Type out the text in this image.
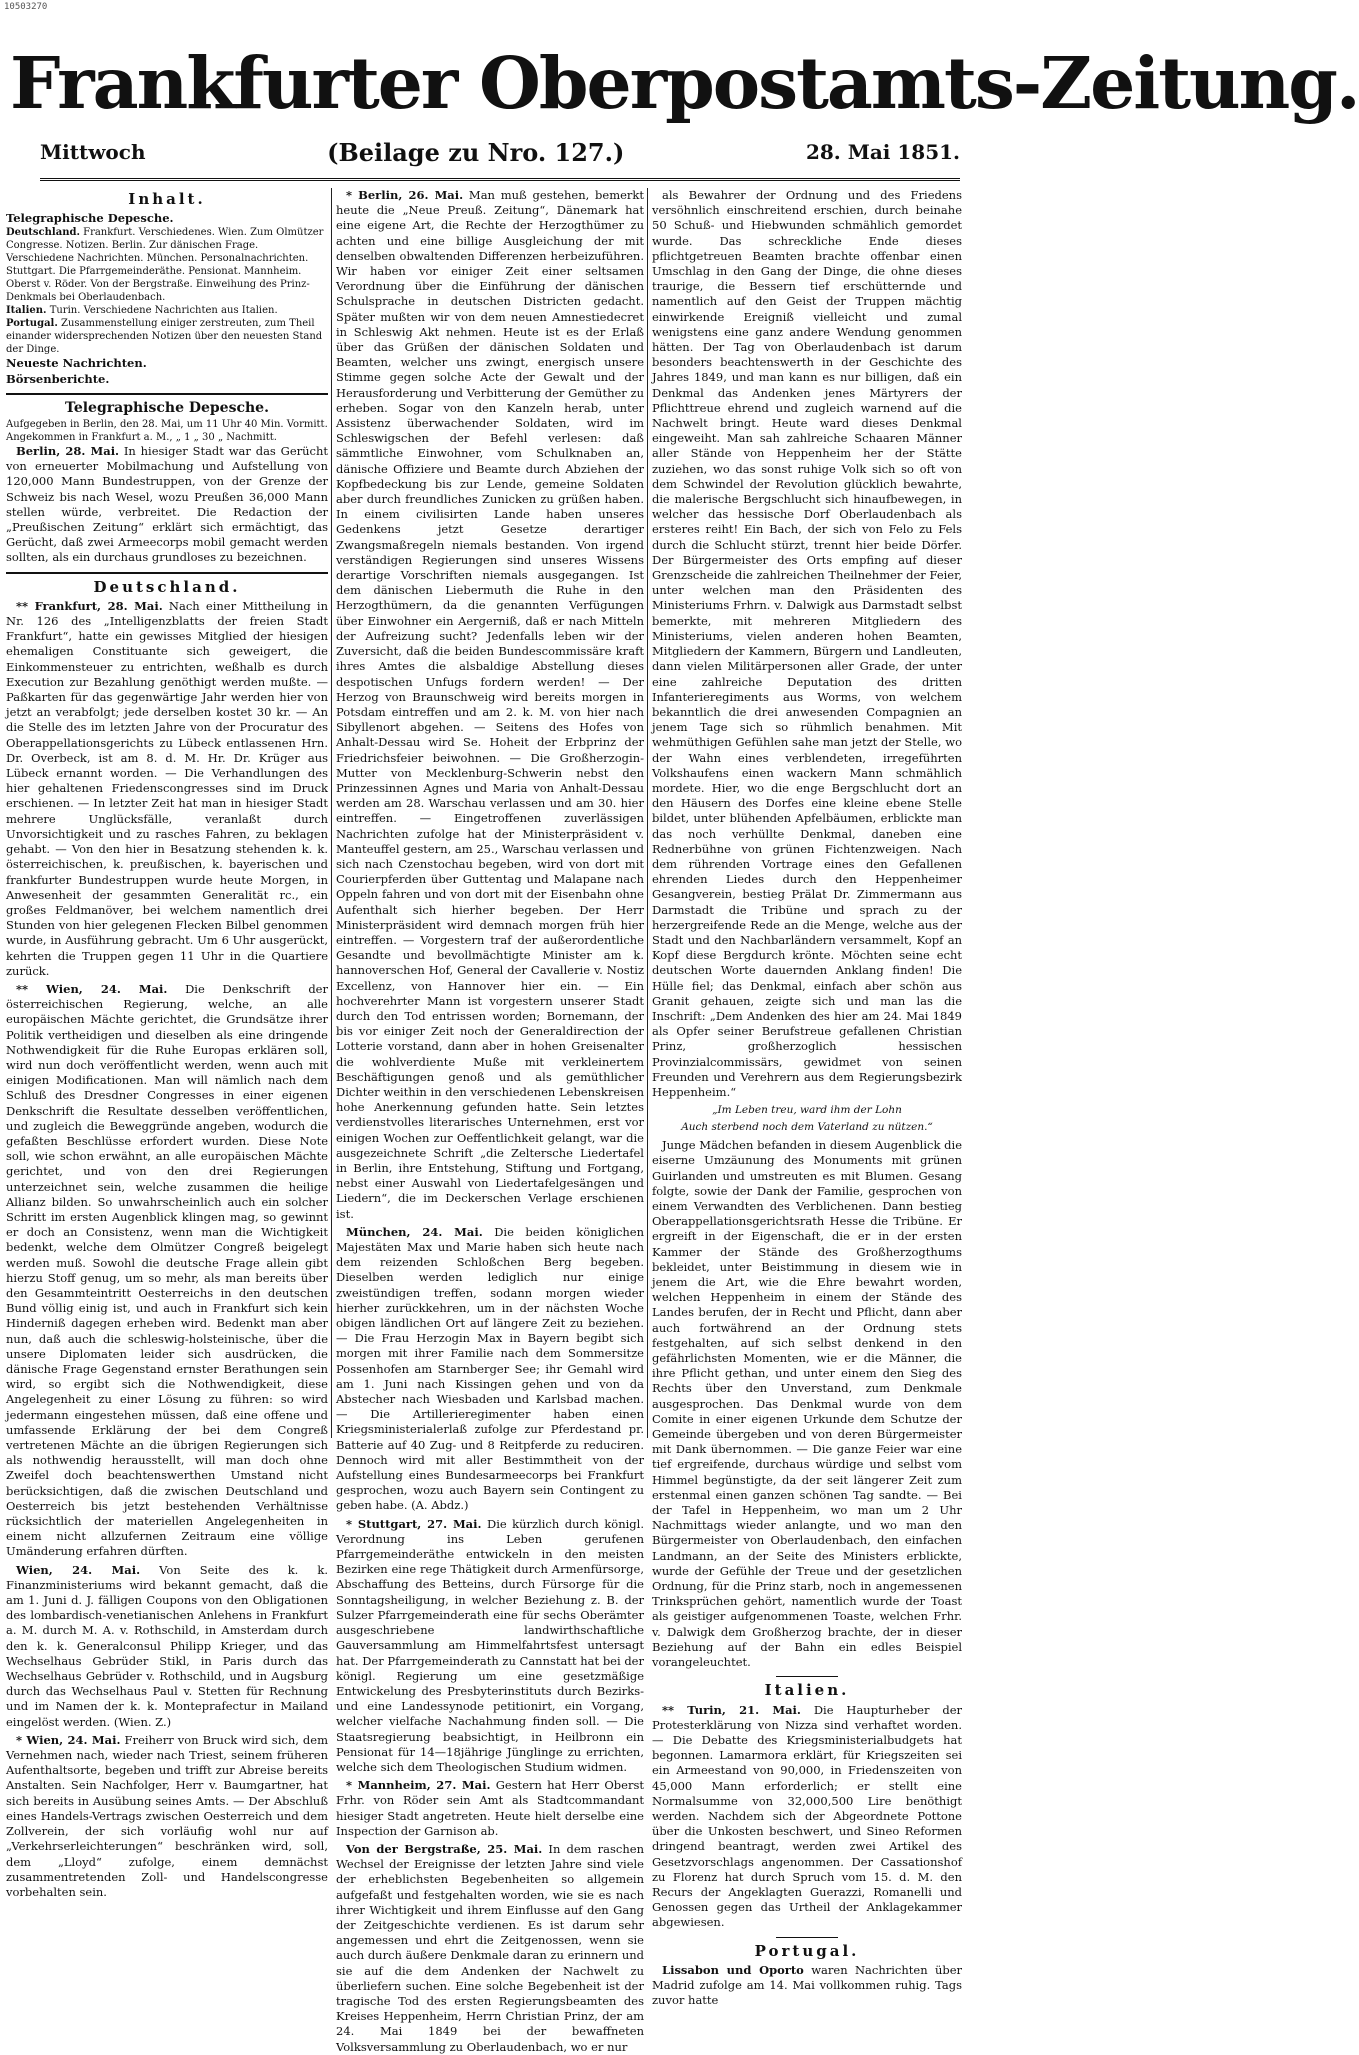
10503270
Frankfurter Oberpostamts-Zeitung.
Mittwoch	(Beilage zu Nro. 127.)	28. Mai 1851.
Inhalt.

Telegraphische Depesche.

Deutschland. Frankfurt. Verschiedenes. Wien. Zum Olmützer Congresse. Notizen. Berlin. Zur dänischen Frage. Verschiedene Nachrichten. München. Personalnachrichten. Stuttgart. Die Pfarrgemeinderäthe. Pensionat. Mannheim. Oberst v. Röder. Von der Bergstraße. Einweihung des Prinz-Denkmals bei Oberlaudenbach.

Italien. Turin. Verschiedene Nachrichten aus Italien.

Portugal. Zusammenstellung einiger zerstreuten, zum Theil einander widersprechenden Notizen über den neuesten Stand der Dinge.

Neueste Nachrichten.

Börsenberichte.

Telegraphische Depesche.
Aufgegeben in Berlin, den 28. Mai, um 11 Uhr 40 Min. Vormitt. Angekommen in Frankfurt a. M., „ 1 „ 30 „ Nachmitt.

Berlin, 28. Mai. In hiesiger Stadt war das Gerücht von erneuerter Mobilmachung und Aufstellung von 120,000 Mann Bundestruppen, von der Grenze der Schweiz bis nach Wesel, wozu Preußen 36,000 Mann stellen würde, verbreitet. Die Redaction der „Preußischen Zeitung“ erklärt sich ermächtigt, das Gerücht, daß zwei Armeecorps mobil gemacht werden sollten, als ein durchaus grundloses zu bezeichnen.

Deutschland.

** Frankfurt, 28. Mai. Nach einer Mittheilung in Nr. 126 des „Intelligenzblatts der freien Stadt Frankfurt“, hatte ein gewisses Mitglied der hiesigen ehemaligen Constituante sich geweigert, die Einkommensteuer zu entrichten, weßhalb es durch Execution zur Bezahlung genöthigt werden mußte. — Paßkarten für das gegenwärtige Jahr werden hier von jetzt an verabfolgt; jede derselben kostet 30 kr. — An die Stelle des im letzten Jahre von der Procuratur des Oberappellationsgerichts zu Lübeck entlassenen Hrn. Dr. Overbeck, ist am 8. d. M. Hr. Dr. Krüger aus Lübeck ernannt worden. — Die Verhandlungen des hier gehaltenen Friedenscongresses sind im Druck erschienen. — In letzter Zeit hat man in hiesiger Stadt mehrere Unglücksfälle, veranlaßt durch Unvorsichtigkeit und zu rasches Fahren, zu beklagen gehabt. — Von den hier in Besatzung stehenden k. k. österreichischen, k. preußischen, k. bayerischen und frankfurter Bundestruppen wurde heute Morgen, in Anwesenheit der gesammten Generalität rc., ein großes Feldmanöver, bei welchem namentlich drei Stunden von hier gelegenen Flecken Bilbel genommen wurde, in Ausführung gebracht. Um 6 Uhr ausgerückt, kehrten die Truppen gegen 11 Uhr in die Quartiere zurück.

** Wien, 24. Mai. Die Denkschrift der österreichischen Regierung, welche, an alle europäischen Mächte gerichtet, die Grundsätze ihrer Politik vertheidigen und dieselben als eine dringende Nothwendigkeit für die Ruhe Europas erklären soll, wird nun doch veröffentlicht werden, wenn auch mit einigen Modificationen. Man will nämlich nach dem Schluß des Dresdner Congresses in einer eigenen Denkschrift die Resultate desselben veröffentlichen, und zugleich die Beweggründe angeben, wodurch die gefaßten Beschlüsse erfordert wurden. Diese Note soll, wie schon erwähnt, an alle europäischen Mächte gerichtet, und von den drei Regierungen unterzeichnet sein, welche zusammen die heilige Allianz bilden. So unwahrscheinlich auch ein solcher Schritt im ersten Augenblick klingen mag, so gewinnt er doch an Consistenz, wenn man die Wichtigkeit bedenkt, welche dem Olmützer Congreß beigelegt werden muß. Sowohl die deutsche Frage allein gibt hierzu Stoff genug, um so mehr, als man bereits über den Gesammteintritt Oesterreichs in den deutschen Bund völlig einig ist, und auch in Frankfurt sich kein Hinderniß dagegen erheben wird. Bedenkt man aber nun, daß auch die schleswig-holsteinische, über die unsere Diplomaten leider sich ausdrücken, die dänische Frage Gegenstand ernster Berathungen sein wird, so ergibt sich die Nothwendigkeit, diese Angelegenheit zu einer Lösung zu führen: so wird jedermann eingestehen müssen, daß eine offene und umfassende Erklärung der bei dem Congreß vertretenen Mächte an die übrigen Regierungen sich als nothwendig herausstellt, will man doch ohne Zweifel doch beachtenswerthen Umstand nicht berücksichtigen, daß die zwischen Deutschland und Oesterreich bis jetzt bestehenden Verhältnisse rücksichtlich der materiellen Angelegenheiten in einem nicht allzufernen Zeitraum eine völlige Umänderung erfahren dürften.

Wien, 24. Mai. Von Seite des k. k. Finanzministeriums wird bekannt gemacht, daß die am 1. Juni d. J. fälligen Coupons von den Obligationen des lombardisch-venetianischen Anlehens in Frankfurt a. M. durch M. A. v. Rothschild, in Amsterdam durch den k. k. Generalconsul Philipp Krieger, und das Wechselhaus Gebrüder Stikl, in Paris durch das Wechselhaus Gebrüder v. Rothschild, und in Augsburg durch das Wechselhaus Paul v. Stetten für Rechnung und im Namen der k. k. Monteprafectur in Mailand eingelöst werden. (Wien. Z.)

* Wien, 24. Mai. Freiherr von Bruck wird sich, dem Vernehmen nach, wieder nach Triest, seinem früheren Aufenthaltsorte, begeben und trifft zur Abreise bereits Anstalten. Sein Nachfolger, Herr v. Baumgartner, hat sich bereits in Ausübung seines Amts. — Der Abschluß eines Handels-Vertrags zwischen Oesterreich und dem Zollverein, der sich vorläufig wohl nur auf „Verkehrserleichterungen“ beschränken wird, soll, dem „Lloyd“ zufolge, einem demnächst zusammentretenden Zoll- und Handelscongresse vorbehalten sein.

* Berlin, 26. Mai. Man muß gestehen, bemerkt heute die „Neue Preuß. Zeitung“, Dänemark hat eine eigene Art, die Rechte der Herzogthümer zu achten und eine billige Ausgleichung der mit denselben obwaltenden Differenzen herbeizuführen. Wir haben vor einiger Zeit einer seltsamen Verordnung über die Einführung der dänischen Schulsprache in deutschen Districten gedacht. Später mußten wir von dem neuen Amnestiedecret in Schleswig Akt nehmen. Heute ist es der Erlaß über das Grüßen der dänischen Soldaten und Beamten, welcher uns zwingt, energisch unsere Stimme gegen solche Acte der Gewalt und der Herausforderung und Verbitterung der Gemüther zu erheben. Sogar von den Kanzeln herab, unter Assistenz überwachender Soldaten, wird im Schleswigschen der Befehl verlesen: daß sämmtliche Einwohner, vom Schulknaben an, dänische Offiziere und Beamte durch Abziehen der Kopfbedeckung bis zur Lende, gemeine Soldaten aber durch freundliches Zunicken zu grüßen haben. In einem civilisirten Lande haben unseres Gedenkens jetzt Gesetze derartiger Zwangsmaßregeln niemals bestanden. Von irgend verständigen Regierungen sind unseres Wissens derartige Vorschriften niemals ausgegangen. Ist dem dänischen Liebermuth die Ruhe in den Herzogthümern, da die genannten Verfügungen über Einwohner ein Aergerniß, daß er nach Mitteln der Aufreizung sucht? Jedenfalls leben wir der Zuversicht, daß die beiden Bundescommissäre kraft ihres Amtes die alsbaldige Abstellung dieses despotischen Unfugs fordern werden! — Der Herzog von Braunschweig wird bereits morgen in Potsdam eintreffen und am 2. k. M. von hier nach Sibyllenort abgehen. — Seitens des Hofes von Anhalt-Dessau wird Se. Hoheit der Erbprinz der Friedrichsfeier beiwohnen. — Die Großherzogin-Mutter von Mecklenburg-Schwerin nebst den Prinzessinnen Agnes und Maria von Anhalt-Dessau werden am 28. Warschau verlassen und am 30. hier eintreffen. — Eingetroffenen zuverlässigen Nachrichten zufolge hat der Ministerpräsident v. Manteuffel gestern, am 25., Warschau verlassen und sich nach Czenstochau begeben, wird von dort mit Courierpferden über Guttentag und Malapane nach Oppeln fahren und von dort mit der Eisenbahn ohne Aufenthalt sich hierher begeben. Der Herr Ministerpräsident wird demnach morgen früh hier eintreffen. — Vorgestern traf der außerordentliche Gesandte und bevollmächtigte Minister am k. hannoverschen Hof, General der Cavallerie v. Nostiz Excellenz, von Hannover hier ein. — Ein hochverehrter Mann ist vorgestern unserer Stadt durch den Tod entrissen worden; Bornemann, der bis vor einiger Zeit noch der Generaldirection der Lotterie vorstand, dann aber in hohen Greisenalter die wohlverdiente Muße mit verkleinertem Beschäftigungen genoß und als gemüthlicher Dichter weithin in den verschiedenen Lebenskreisen hohe Anerkennung gefunden hatte. Sein letztes verdienstvolles literarisches Unternehmen, erst vor einigen Wochen zur Oeffentlichkeit gelangt, war die ausgezeichnete Schrift „die Zeltersche Liedertafel in Berlin, ihre Entstehung, Stiftung und Fortgang, nebst einer Auswahl von Liedertafelgesängen und Liedern“, die im Deckerschen Verlage erschienen ist.

München, 24. Mai. Die beiden königlichen Majestäten Max und Marie haben sich heute nach dem reizenden Schloßchen Berg begeben. Dieselben werden lediglich nur einige zweistündigen treffen, sodann morgen wieder hierher zurückkehren, um in der nächsten Woche obigen ländlichen Ort auf längere Zeit zu beziehen. — Die Frau Herzogin Max in Bayern begibt sich morgen mit ihrer Familie nach dem Sommersitze Possenhofen am Starnberger See; ihr Gemahl wird am 1. Juni nach Kissingen gehen und von da Abstecher nach Wiesbaden und Karlsbad machen. — Die Artillerieregimenter haben einen Kriegsministerialerlaß zufolge zur Pferdestand pr. Batterie auf 40 Zug- und 8 Reitpferde zu reduciren. Dennoch wird mit aller Bestimmtheit von der Aufstellung eines Bundesarmeecorps bei Frankfurt gesprochen, wozu auch Bayern sein Contingent zu geben habe. (A. Abdz.)

* Stuttgart, 27. Mai. Die kürzlich durch königl. Verordnung ins Leben gerufenen Pfarrgemeinderäthe entwickeln in den meisten Bezirken eine rege Thätigkeit durch Armenfürsorge, Abschaffung des Betteins, durch Fürsorge für die Sonntagsheiligung, in welcher Beziehung z. B. der Sulzer Pfarrgemeinderath eine für sechs Oberämter ausgeschriebene landwirthschaftliche Gauversammlung am Himmelfahrtsfest untersagt hat. Der Pfarrgemeinderath zu Cannstatt hat bei der königl. Regierung um eine gesetzmäßige Entwickelung des Presbyterinstituts durch Bezirks- und eine Landessynode petitionirt, ein Vorgang, welcher vielfache Nachahmung finden soll. — Die Staatsregierung beabsichtigt, in Heilbronn ein Pensionat für 14—18jährige Jünglinge zu errichten, welche sich dem Theologischen Studium widmen.

* Mannheim, 27. Mai. Gestern hat Herr Oberst Frhr. von Röder sein Amt als Stadtcommandant hiesiger Stadt angetreten. Heute hielt derselbe eine Inspection der Garnison ab.

Von der Bergstraße, 25. Mai. In dem raschen Wechsel der Ereignisse der letzten Jahre sind viele der erheblichsten Begebenheiten so allgemein aufgefaßt und festgehalten worden, wie sie es nach ihrer Wichtigkeit und ihrem Einflusse auf den Gang der Zeitgeschichte verdienen. Es ist darum sehr angemessen und ehrt die Zeitgenossen, wenn sie auch durch äußere Denkmale daran zu erinnern und sie auf die dem Andenken der Nachwelt zu überliefern suchen. Eine solche Begebenheit ist der tragische Tod des ersten Regierungsbeamten des Kreises Heppenheim, Herrn Christian Prinz, der am 24. Mai 1849 bei der bewaffneten Volksversammlung zu Oberlaudenbach, wo er nur

als Bewahrer der Ordnung und des Friedens versöhnlich einschreitend erschien, durch beinahe 50 Schuß- und Hiebwunden schmählich gemordet wurde. Das schreckliche Ende dieses pflichtgetreuen Beamten brachte offenbar einen Umschlag in den Gang der Dinge, die ohne dieses traurige, die Bessern tief erschütternde und namentlich auf den Geist der Truppen mächtig einwirkende Ereigniß vielleicht und zumal wenigstens eine ganz andere Wendung genommen hätten. Der Tag von Oberlaudenbach ist darum besonders beachtenswerth in der Geschichte des Jahres 1849, und man kann es nur billigen, daß ein Denkmal das Andenken jenes Märtyrers der Pflichttreue ehrend und zugleich warnend auf die Nachwelt bringt. Heute ward dieses Denkmal eingeweiht. Man sah zahlreiche Schaaren Männer aller Stände von Heppenheim her der Stätte zuziehen, wo das sonst ruhige Volk sich so oft von dem Schwindel der Revolution glücklich bewahrte, die malerische Bergschlucht sich hinaufbewegen, in welcher das hessische Dorf Oberlaudenbach als ersteres reiht! Ein Bach, der sich von Felo zu Fels durch die Schlucht stürzt, trennt hier beide Dörfer. Der Bürgermeister des Orts empfing auf dieser Grenzscheide die zahlreichen Theilnehmer der Feier, unter welchen man den Präsidenten des Ministeriums Frhrn. v. Dalwigk aus Darmstadt selbst bemerkte, mit mehreren Mitgliedern des Ministeriums, vielen anderen hohen Beamten, Mitgliedern der Kammern, Bürgern und Landleuten, dann vielen Militärpersonen aller Grade, der unter eine zahlreiche Deputation des dritten Infanterieregiments aus Worms, von welchem bekanntlich die drei anwesenden Compagnien an jenem Tage sich so rühmlich benahmen. Mit wehmüthigen Gefühlen sahe man jetzt der Stelle, wo der Wahn eines verblendeten, irregeführten Volkshaufens einen wackern Mann schmählich mordete. Hier, wo die enge Bergschlucht dort an den Häusern des Dorfes eine kleine ebene Stelle bildet, unter blühenden Apfelbäumen, erblickte man das noch verhüllte Denkmal, daneben eine Rednerbühne von grünen Fichtenzweigen. Nach dem rührenden Vortrage eines den Gefallenen ehrenden Liedes durch den Heppenheimer Gesangverein, bestieg Prälat Dr. Zimmermann aus Darmstadt die Tribüne und sprach zu der herzergreifende Rede an die Menge, welche aus der Stadt und den Nachbarländern versammelt, Kopf an Kopf diese Bergdurch krönte. Möchten seine echt deutschen Worte dauernden Anklang finden! Die Hülle fiel; das Denkmal, einfach aber schön aus Granit gehauen, zeigte sich und man las die Inschrift: „Dem Andenken des hier am 24. Mai 1849 als Opfer seiner Berufstreue gefallenen Christian Prinz, großherzoglich hessischen Provinzialcommissärs, gewidmet von seinen Freunden und Verehrern aus dem Regierungsbezirk Heppenheim.“

„Im Leben treu, ward ihm der Lohn

Auch sterbend noch dem Vaterland zu nützen.“

Junge Mädchen befanden in diesem Augenblick die eiserne Umzäunung des Monuments mit grünen Guirlanden und umstreuten es mit Blumen. Gesang folgte, sowie der Dank der Familie, gesprochen von einem Verwandten des Verblichenen. Dann bestieg Oberappellationsgerichtsrath Hesse die Tribüne. Er ergreift in der Eigenschaft, die er in der ersten Kammer der Stände des Großherzogthums bekleidet, unter Beistimmung in diesem wie in jenem die Art, wie die Ehre bewahrt worden, welchen Heppenheim in einem der Stände des Landes berufen, der in Recht und Pflicht, dann aber auch fortwährend an der Ordnung stets festgehalten, auf sich selbst denkend in den gefährlichsten Momenten, wie er die Männer, die ihre Pflicht gethan, und unter einem den Sieg des Rechts über den Unverstand, zum Denkmale ausgesprochen. Das Denkmal wurde von dem Comite in einer eigenen Urkunde dem Schutze der Gemeinde übergeben und von deren Bürgermeister mit Dank übernommen. — Die ganze Feier war eine tief ergreifende, durchaus würdige und selbst vom Himmel begünstigte, da der seit längerer Zeit zum erstenmal einen ganzen schönen Tag sandte. — Bei der Tafel in Heppenheim, wo man um 2 Uhr Nachmittags wieder anlangte, und wo man den Bürgermeister von Oberlaudenbach, den einfachen Landmann, an der Seite des Ministers erblickte, wurde der Gefühle der Treue und der gesetzlichen Ordnung, für die Prinz starb, noch in angemessenen Trinksprüchen gehört, namentlich wurde der Toast als geistiger aufgenommenen Toaste, welchen Frhr. v. Dalwigk dem Großherzog brachte, der in dieser Beziehung auf der Bahn ein edles Beispiel vorangeleuchtet.

Italien.

** Turin, 21. Mai. Die Haupturheber der Protesterklärung von Nizza sind verhaftet worden. — Die Debatte des Kriegsministerialbudgets hat begonnen. Lamarmora erklärt, für Kriegszeiten sei ein Armeestand von 90,000, in Friedenszeiten von 45,000 Mann erforderlich; er stellt eine Normalsumme von 32,000,500 Lire benöthigt werden. Nachdem sich der Abgeordnete Pottone über die Unkosten beschwert, und Sineo Reformen dringend beantragt, werden zwei Artikel des Gesetzvorschlags angenommen. Der Cassationshof zu Florenz hat durch Spruch vom 15. d. M. den Recurs der Angeklagten Guerazzi, Romanelli und Genossen gegen das Urtheil der Anklagekammer abgewiesen.

Portugal.

Lissabon und Oporto waren Nachrichten über Madrid zufolge am 14. Mai vollkommen ruhig. Tags zuvor hatte
